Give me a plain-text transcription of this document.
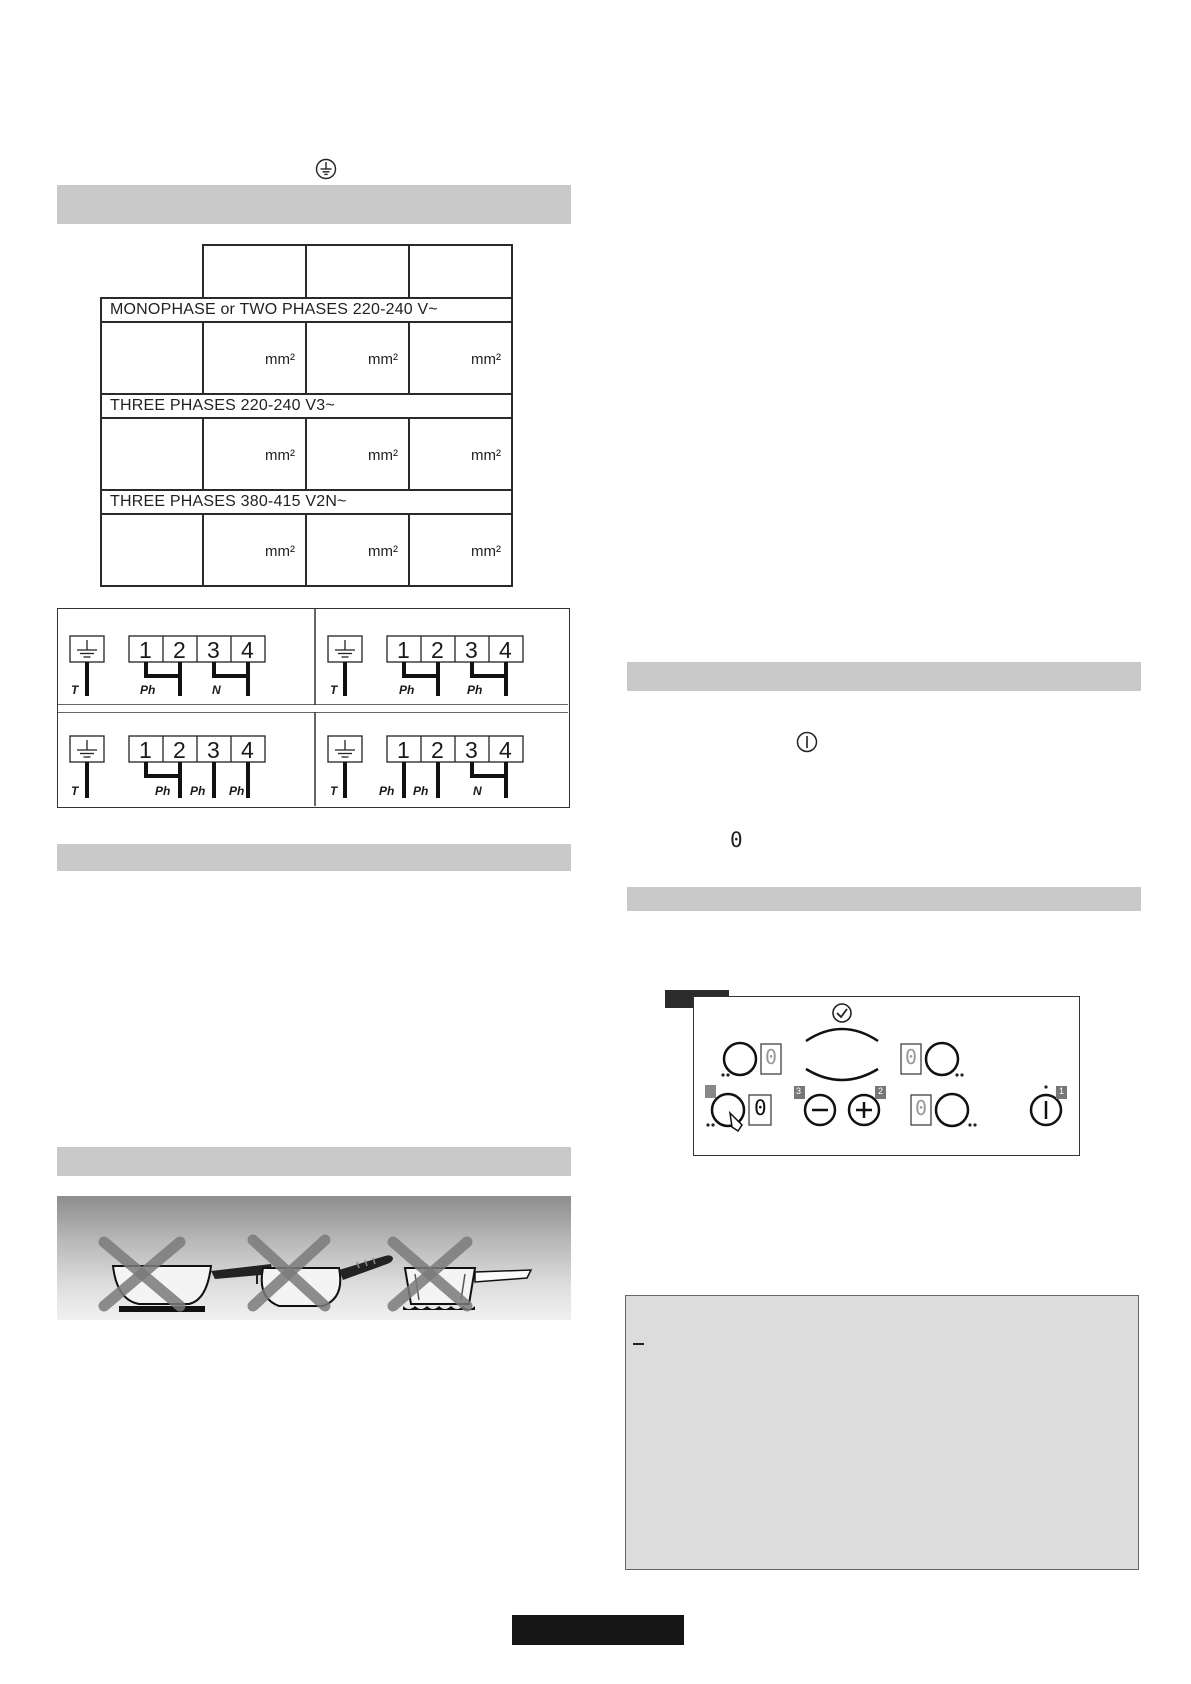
MONOPHASE or TWO PHASES 220-240 V~			
	mm²	mm²	mm²
THREE PHASES 220-240 V3~			
	mm²	mm²	mm²
THREE PHASES 380-415 V2N~			
	mm²	mm²	mm²
1 2 3 4
T	Ph	N
1 2 3 4
T	Ph	Ph
1 2 3 4
T	Ph Ph Ph
1 2 3 4
T	Ph Ph	N
0
0	0
0	0
3	2	1
